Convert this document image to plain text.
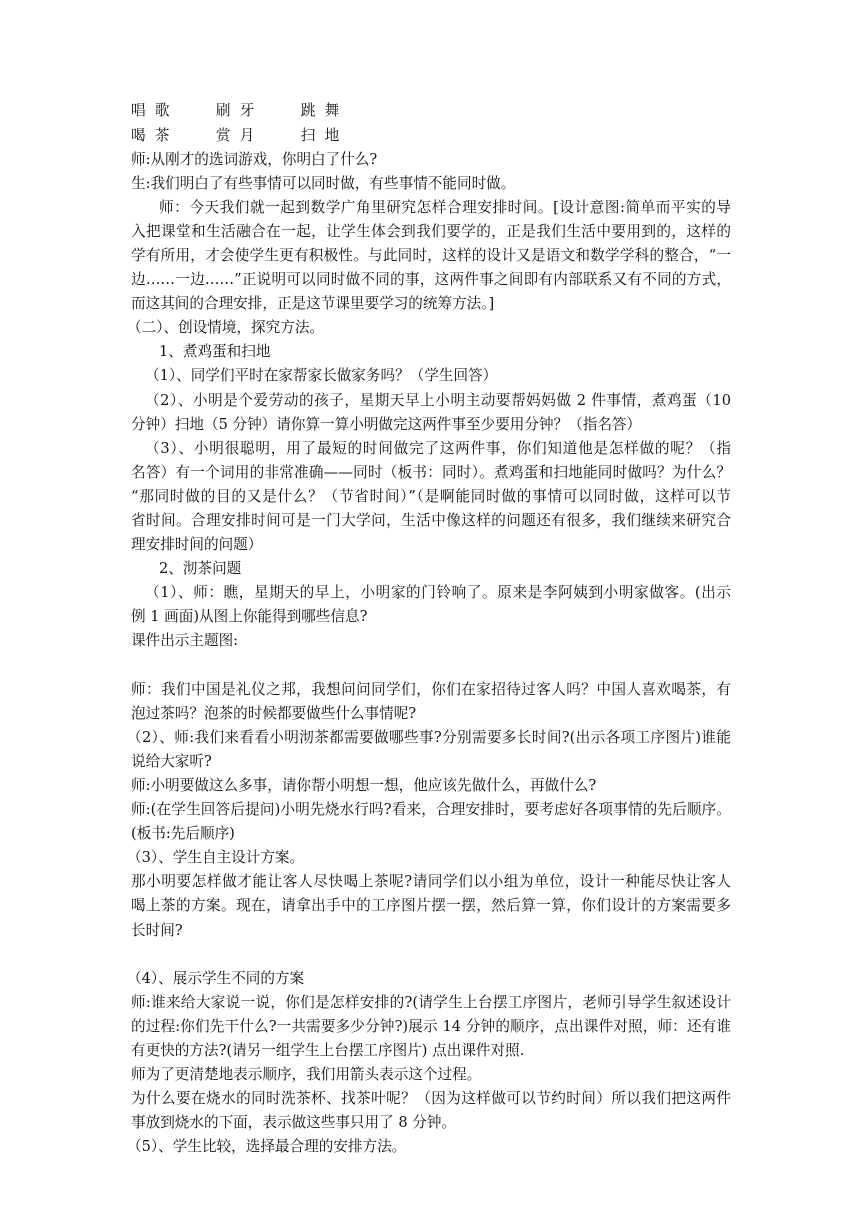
唱  歌          刷  牙          跳  舞
喝  茶          赏  月          扫  地
师:从刚才的选词游戏，你明白了什么?
生:我们明白了有些事情可以同时做，有些事情不能同时做。
师：今天我们就一起到数学广角里研究怎样合理安排时间。[设计意图:简单而平实的导
入把课堂和生活融合在一起，让学生体会到我们要学的，正是我们生活中要用到的，这样的
学有所用，才会使学生更有积极性。与此同时，这样的设计又是语文和数学学科的整合，“一
边……一边……”正说明可以同时做不同的事，这两件事之间即有内部联系又有不同的方式，
而这其间的合理安排，正是这节课里要学习的统筹方法。]
（二）、创设情境，探究方法。
1、煮鸡蛋和扫地
（1）、同学们平时在家帮家长做家务吗？（学生回答）
（2）、小明是个爱劳动的孩子，星期天早上小明主动要帮妈妈做 2 件事情，煮鸡蛋（10
分钟）扫地（5 分钟）请你算一算小明做完这两件事至少要用分钟？（指名答）
（3）、小明很聪明，用了最短的时间做完了这两件事，你们知道他是怎样做的呢？（指
名答）有一个词用的非常准确——同时（板书：同时）。煮鸡蛋和扫地能同时做吗？为什么？
“那同时做的目的又是什么？（节省时间）”（是啊能同时做的事情可以同时做，这样可以节
省时间。合理安排时间可是一门大学问，生活中像这样的问题还有很多，我们继续来研究合
理安排时间的问题）
2、沏茶问题
（1）、师：瞧，星期天的早上，小明家的门铃响了。原来是李阿姨到小明家做客。(出示
例 1 画面)从图上你能得到哪些信息?
课件出示主题图:
师：我们中国是礼仪之邦，我想问问同学们，你们在家招待过客人吗？中国人喜欢喝茶，有
泡过茶吗？泡茶的时候都要做些什么事情呢?
（2）、师:我们来看看小明沏茶都需要做哪些事?分别需要多长时间?(出示各项工序图片)谁能
说给大家听?
师:小明要做这么多事，请你帮小明想一想，他应该先做什么，再做什么?
师:(在学生回答后提问)小明先烧水行吗?看来，合理安排时，要考虑好各项事情的先后顺序。
(板书:先后顺序)
（3）、学生自主设计方案。
那小明要怎样做才能让客人尽快喝上茶呢?请同学们以小组为单位，设计一种能尽快让客人
喝上茶的方案。现在，请拿出手中的工序图片摆一摆，然后算一算，你们设计的方案需要多
长时间?
（4）、展示学生不同的方案
师:谁来给大家说一说，你们是怎样安排的?(请学生上台摆工序图片，老师引导学生叙述设计
的过程:你们先干什么?一共需要多少分钟?)展示 14 分钟的顺序，点出课件对照，师：还有谁
有更快的方法?(请另一组学生上台摆工序图片) 点出课件对照.
师为了更清楚地表示顺序，我们用箭头表示这个过程。
为什么要在烧水的同时洗茶杯、找茶叶呢？（因为这样做可以节约时间）所以我们把这两件
事放到烧水的下面，表示做这些事只用了 8 分钟。
（5）、学生比较，选择最合理的安排方法。
